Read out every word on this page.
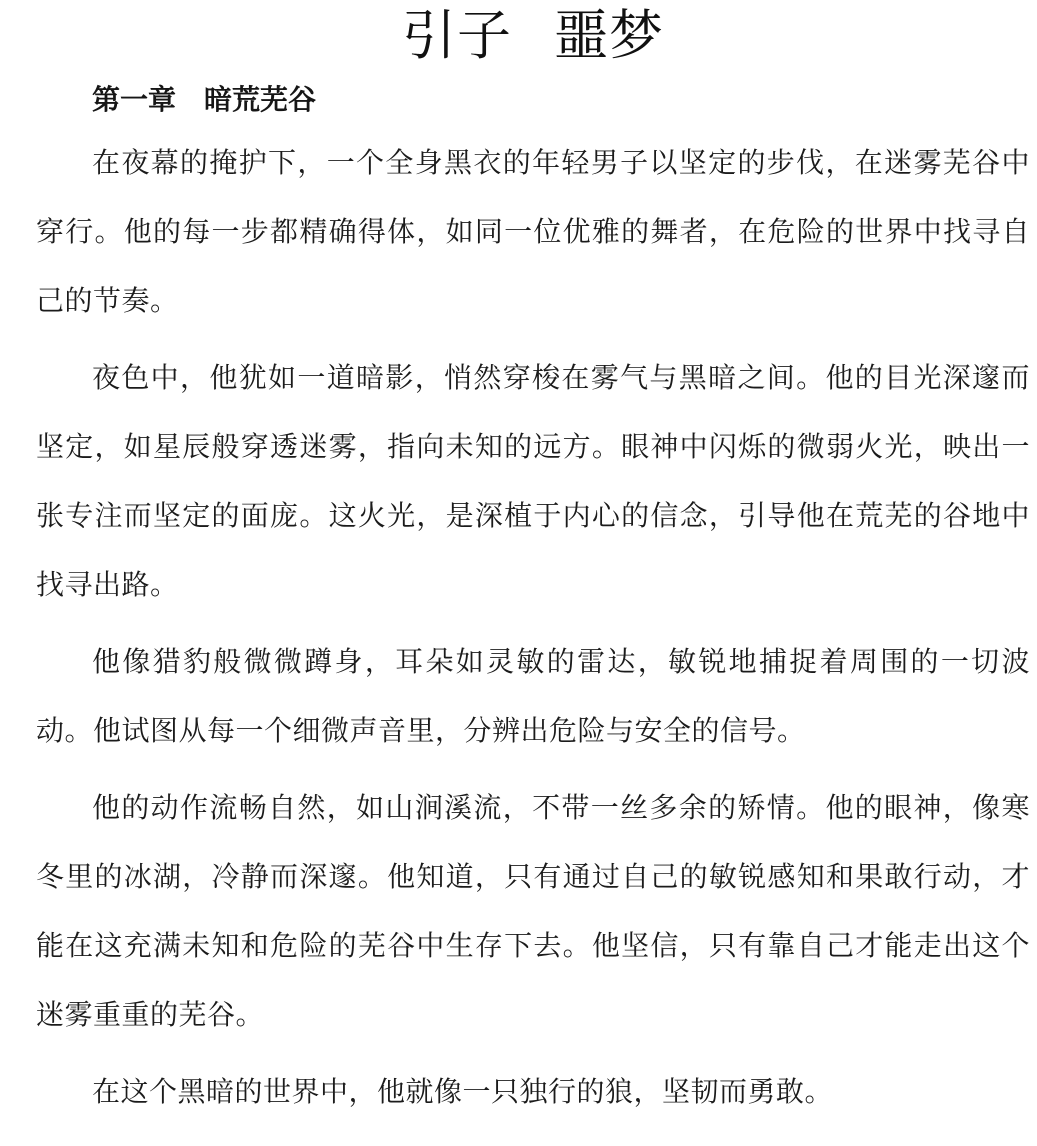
引子 噩梦
第一章　暗荒芜谷

在夜幕的掩护下，一个全身黑衣的年轻男子以坚定的步伐，在迷雾芜谷中穿行。他的每一步都精确得体，如同一位优雅的舞者，在危险的世界中找寻自己的节奏。

夜色中，他犹如一道暗影，悄然穿梭在雾气与黑暗之间。他的目光深邃而坚定，如星辰般穿透迷雾，指向未知的远方。眼神中闪烁的微弱火光，映出一张专注而坚定的面庞。这火光，是深植于内心的信念，引导他在荒芜的谷地中找寻出路。

他像猎豹般微微蹲身，耳朵如灵敏的雷达，敏锐地捕捉着周围的一切波动。他试图从每一个细微声音里，分辨出危险与安全的信号。

他的动作流畅自然，如山涧溪流，不带一丝多余的矫情。他的眼神，像寒冬里的冰湖，冷静而深邃。他知道，只有通过自己的敏锐感知和果敢行动，才能在这充满未知和危险的芜谷中生存下去。他坚信，只有靠自己才能走出这个迷雾重重的芜谷。

在这个黑暗的世界中，他就像一只独行的狼，坚韧而勇敢。
